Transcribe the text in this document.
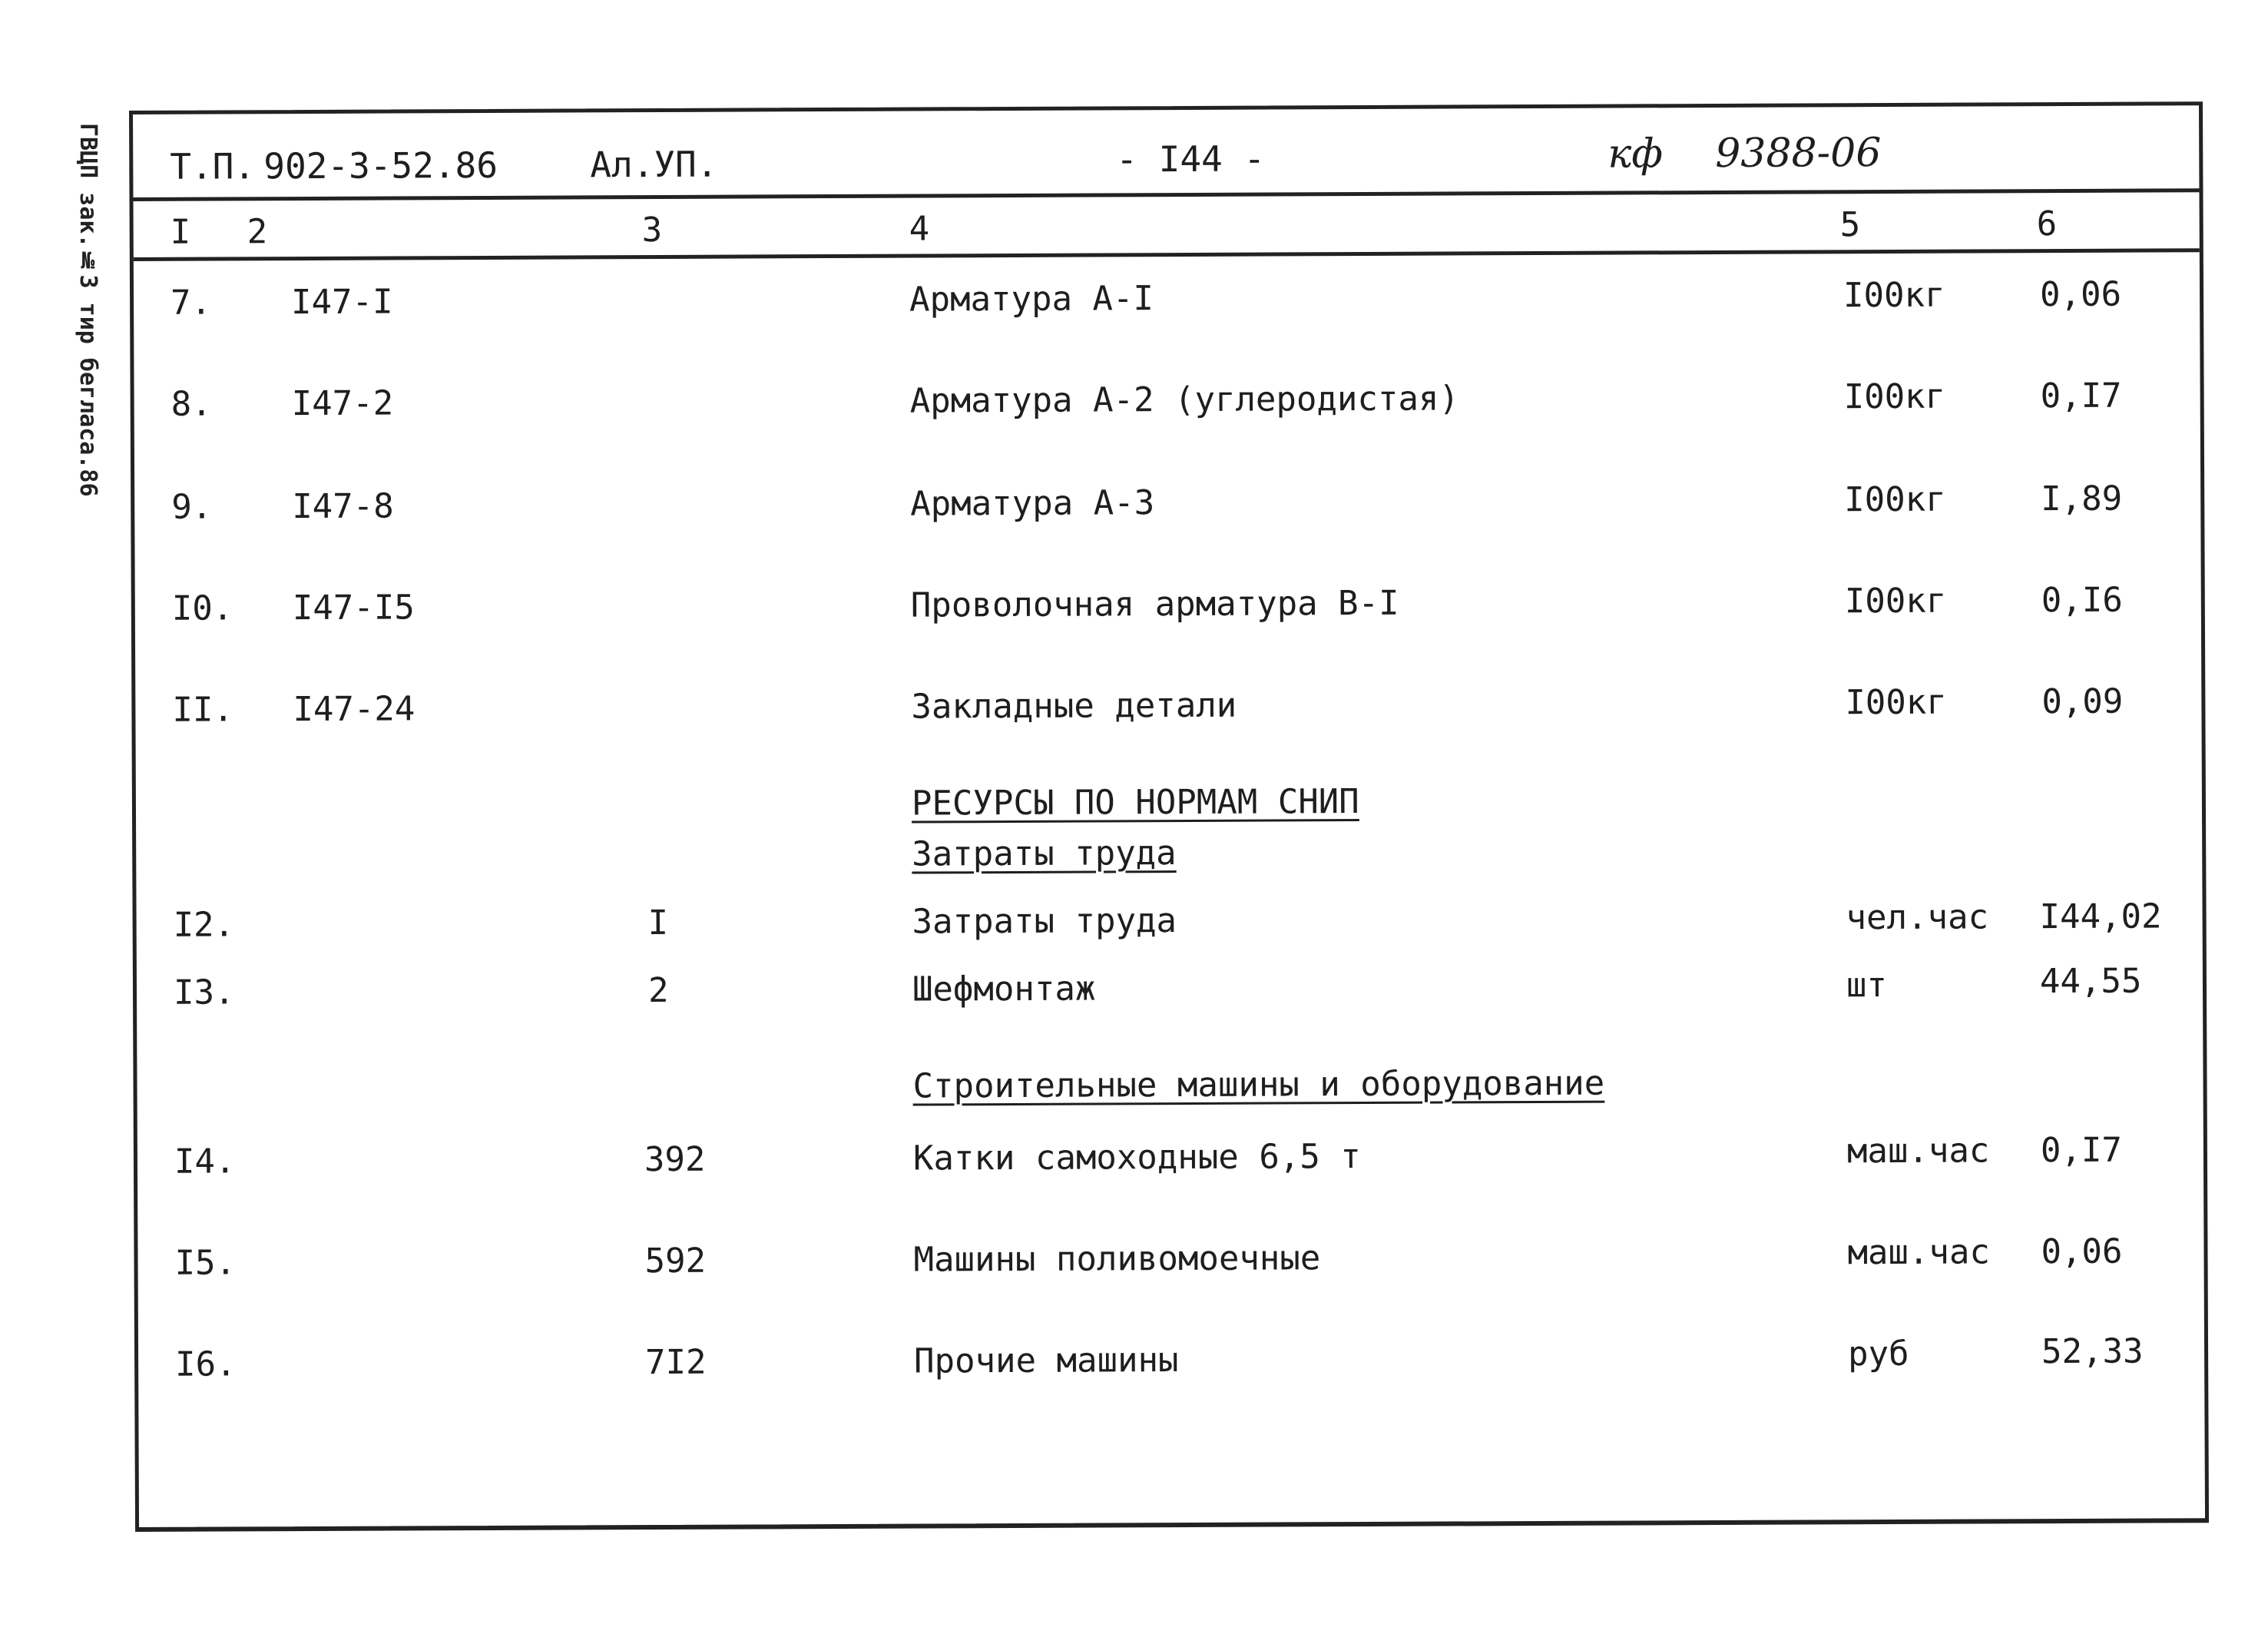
ГВЦП зак.№3 тир бегласа.86 Т.П. 902-3-52.86	Ал.УП.	- I44 -	кф 9388-06
I 2	3	4	5	6
7. I47-I	Арматура А-I	I00кг	0,06
8. I47-2	Арматура А-2 (углеродистая)	I00кг	0,I7
9. I47-8	Арматура А-3	I00кг	I,89
I0. I47-I5	Проволочная арматура В-I	I00кг	0,I6
II. I47-24	Закладные детали	I00кг	0,09
РЕСУРСЫ ПО НОРМАМ СНИП
Затраты труда
I2.	I	Затраты труда	чел.час I44,02
I3.	2	Шефмонтаж	шт	44,55
Строительные машины и оборудование
I4.	392	Катки самоходные 6,5 т	маш.час 0,I7
I5.	592	Машины поливомоечные	маш.час 0,06
I6.	7I2	Прочие машины	руб	52,33
